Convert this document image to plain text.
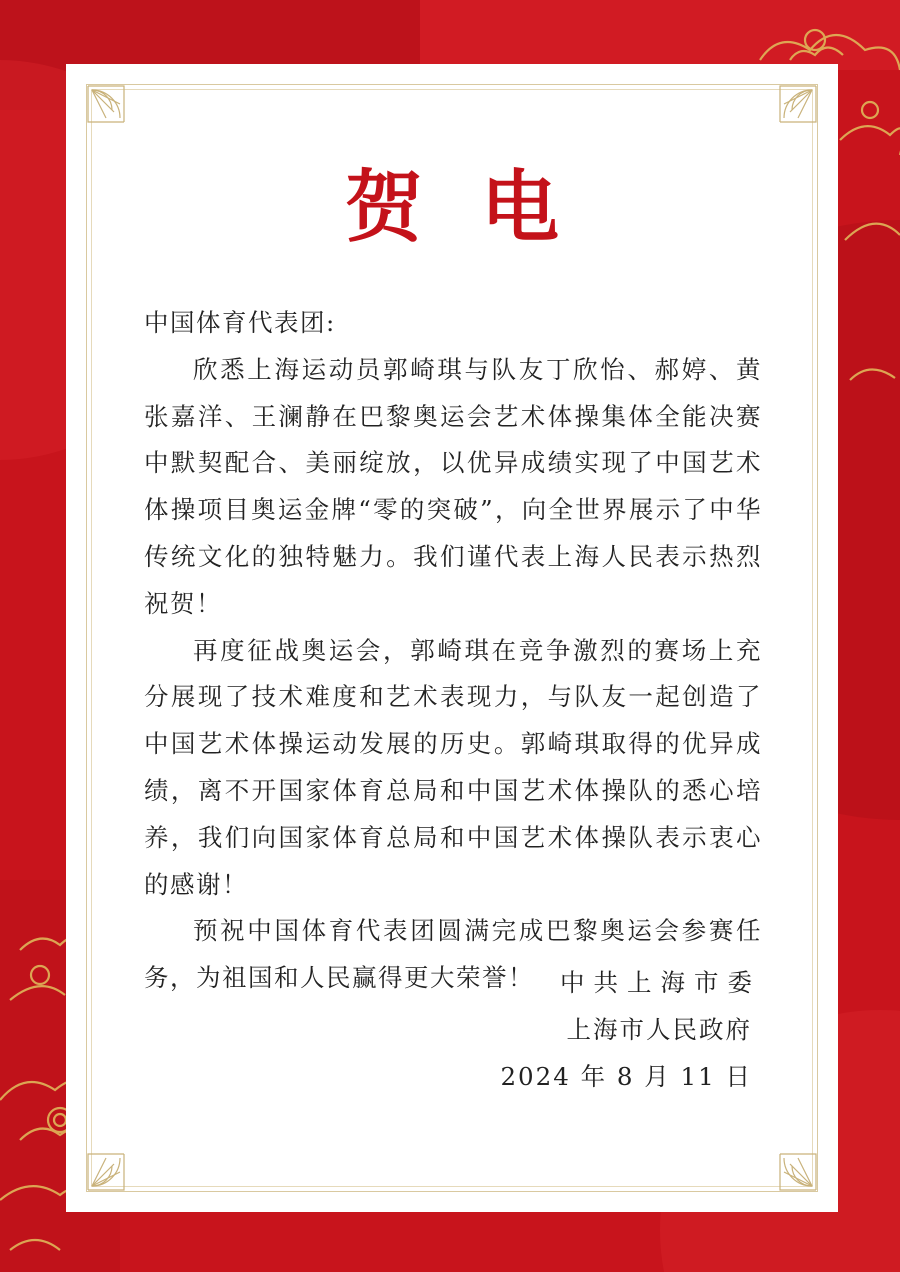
贺电

中国体育代表团:

欣悉上海运动员郭崎琪与队友丁欣怡、郝婷、黄张嘉洋、王澜静在巴黎奥运会艺术体操集体全能决赛中默契配合、美丽绽放，以优异成绩实现了中国艺术体操项目奥运金牌“零的突破”，向全世界展示了中华传统文化的独特魅力。我们谨代表上海人民表示热烈祝贺！

再度征战奥运会，郭崎琪在竞争激烈的赛场上充分展现了技术难度和艺术表现力，与队友一起创造了中国艺术体操运动发展的历史。郭崎琪取得的优异成绩，离不开国家体育总局和中国艺术体操队的悉心培养，我们向国家体育总局和中国艺术体操队表示衷心的感谢！

预祝中国体育代表团圆满完成巴黎奥运会参赛任务，为祖国和人民赢得更大荣誉！	中共上海市委
上海市人民政府
2024 年 8 月 11 日
